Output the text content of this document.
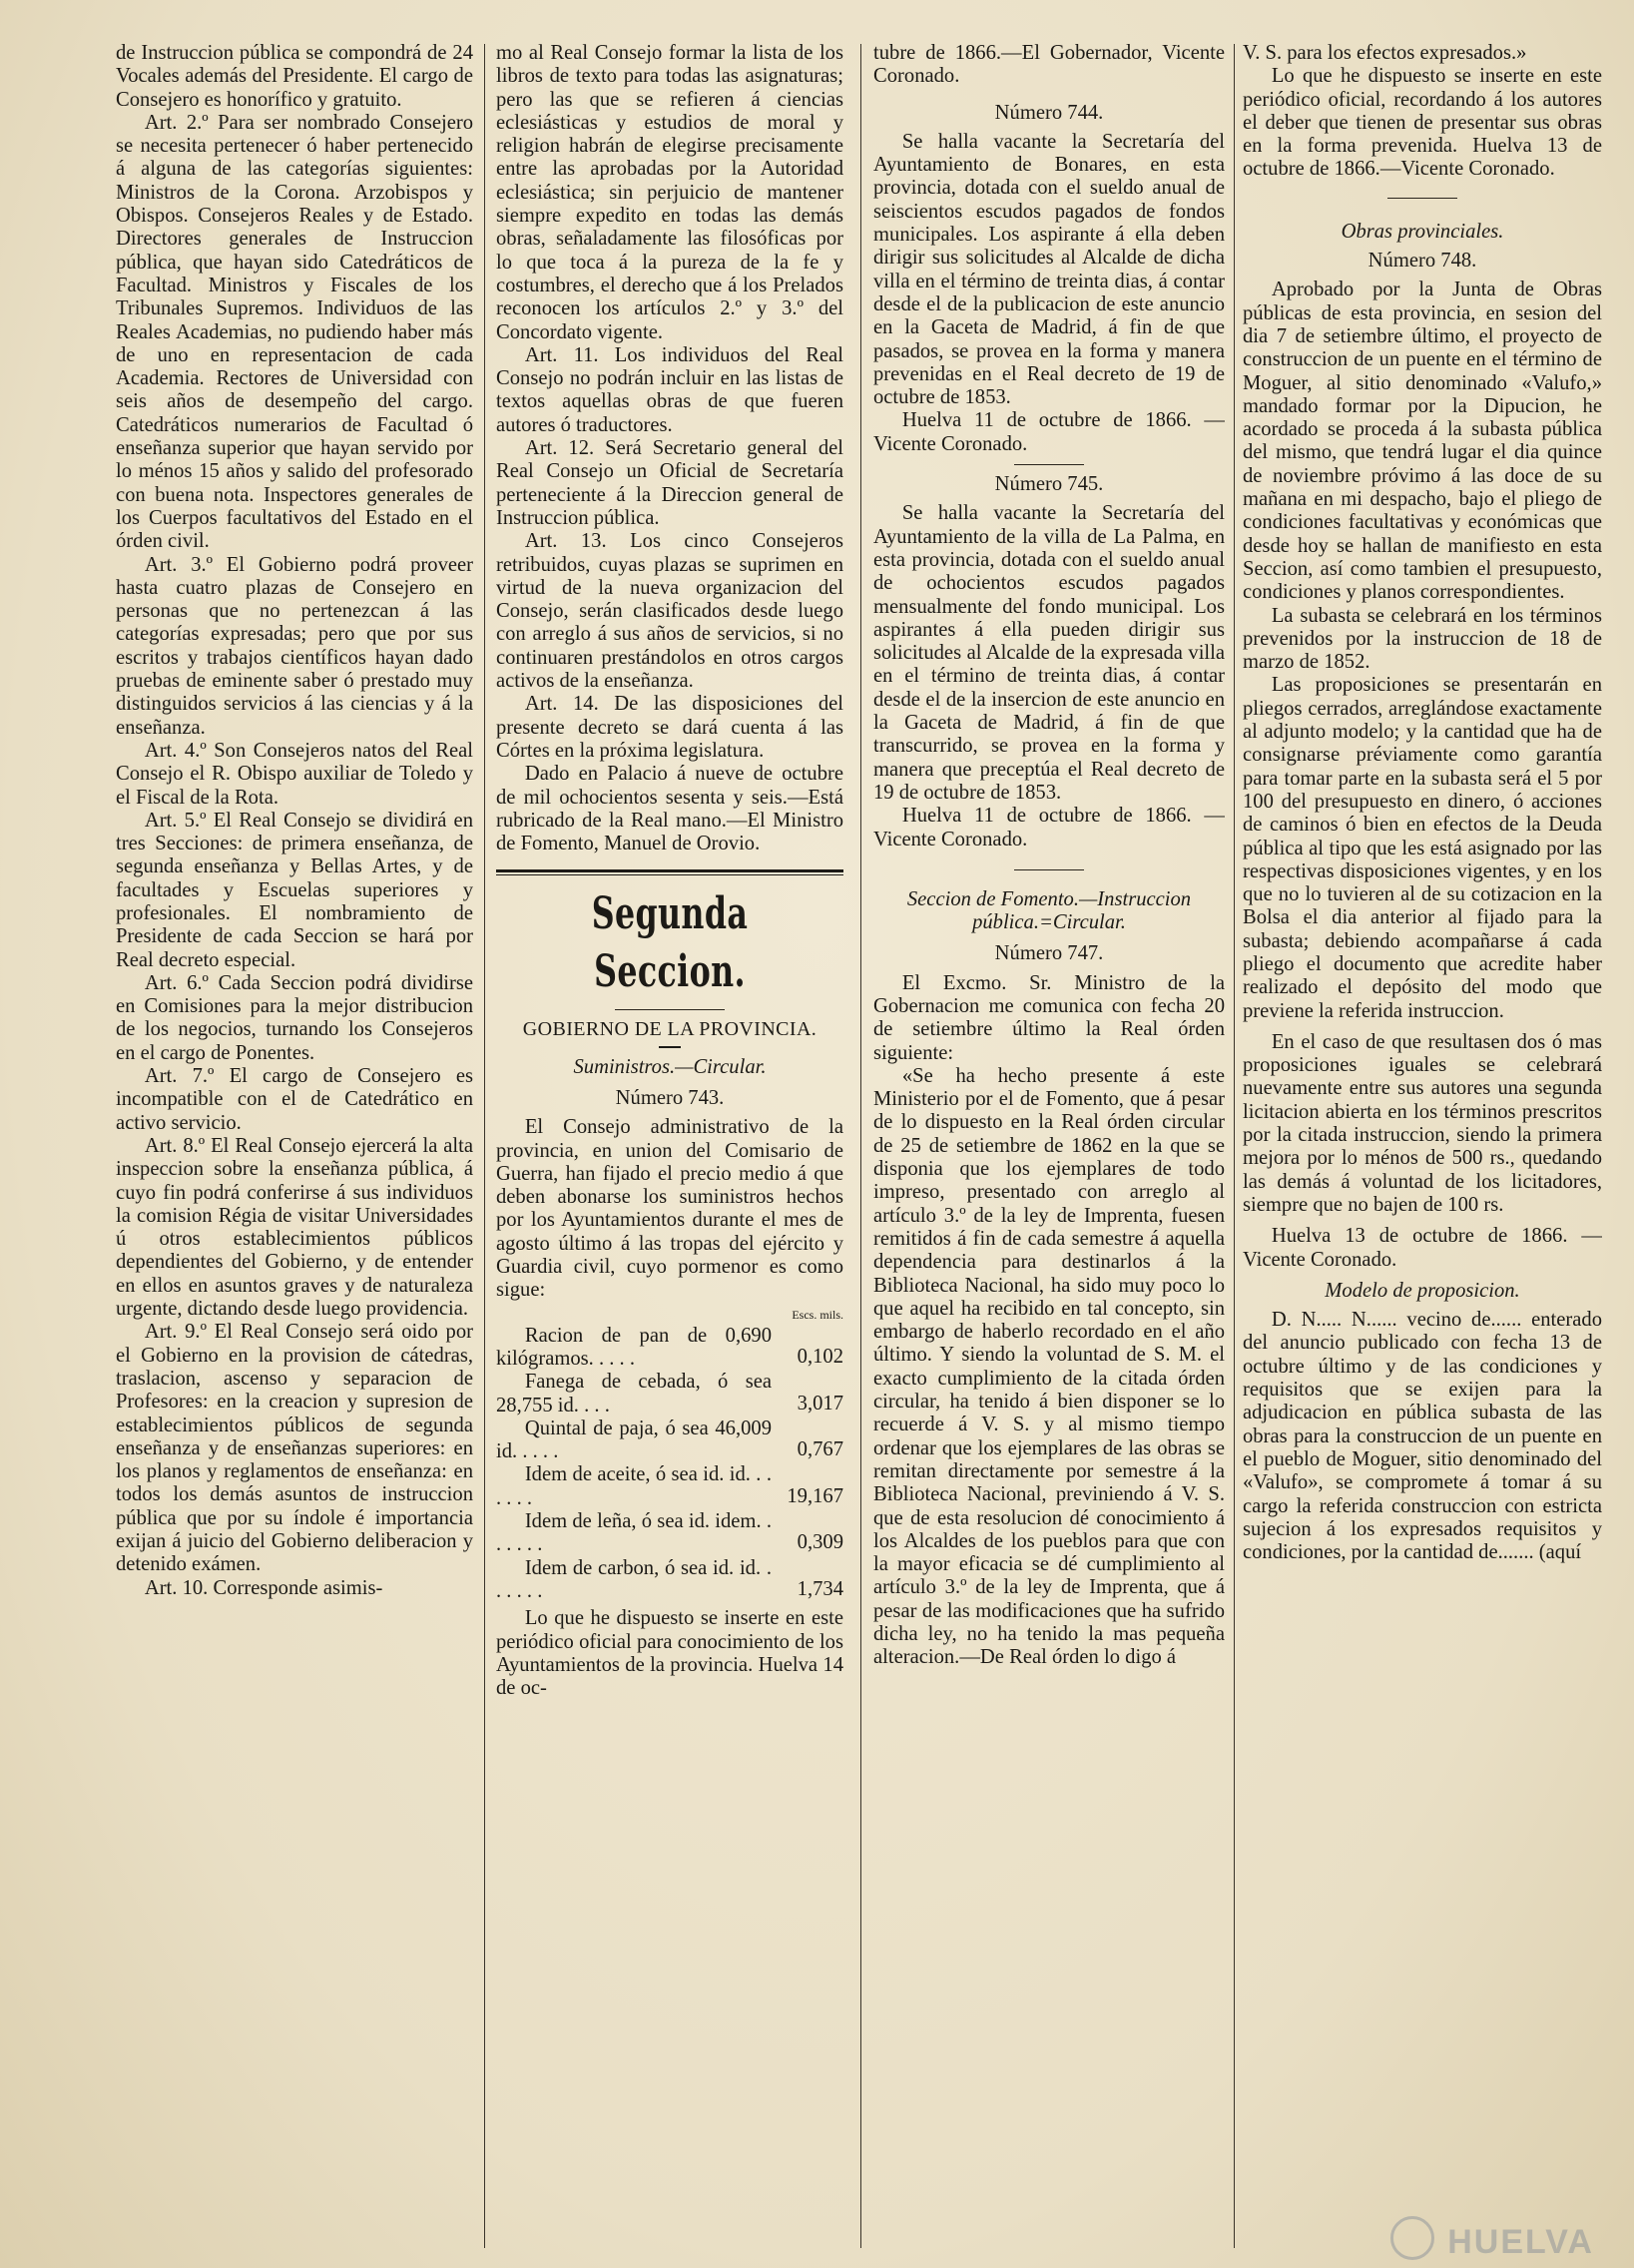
de Instruccion pública se compondrá de 24 Vocales además del Presidente. El cargo de Consejero es honorífico y gratuito.

Art. 2.º Para ser nombrado Consejero se necesita pertenecer ó haber pertenecido á alguna de las categorías siguientes: Ministros de la Corona. Arzobispos y Obispos. Consejeros Reales y de Estado. Directores generales de Instruccion pública, que hayan sido Catedráticos de Facultad. Ministros y Fiscales de los Tribunales Supremos. Individuos de las Reales Academias, no pudiendo haber más de uno en representacion de cada Academia. Rectores de Universidad con seis años de desempeño del cargo. Catedráticos numerarios de Facultad ó enseñanza superior que hayan servido por lo ménos 15 años y salido del profesorado con buena nota. Inspectores generales de los Cuerpos facultativos del Estado en el órden civil.

Art. 3.º El Gobierno podrá proveer hasta cuatro plazas de Consejero en personas que no pertenezcan á las categorías expresadas; pero que por sus escritos y trabajos científicos hayan dado pruebas de eminente saber ó prestado muy distinguidos servicios á las ciencias y á la enseñanza.

Art. 4.º Son Consejeros natos del Real Consejo el R. Obispo auxiliar de Toledo y el Fiscal de la Rota.

Art. 5.º El Real Consejo se dividirá en tres Secciones: de primera enseñanza, de segunda enseñanza y Bellas Artes, y de facultades y Escuelas superiores y profesionales. El nombramiento de Presidente de cada Seccion se hará por Real decreto especial.

Art. 6.º Cada Seccion podrá dividirse en Comisiones para la mejor distribucion de los negocios, turnando los Consejeros en el cargo de Ponentes.

Art. 7.º El cargo de Consejero es incompatible con el de Catedrático en activo servicio.

Art. 8.º El Real Consejo ejercerá la alta inspeccion sobre la enseñanza pública, á cuyo fin podrá conferirse á sus individuos la comision Régia de visitar Universidades ú otros establecimientos públicos dependientes del Gobierno, y de entender en ellos en asuntos graves y de naturaleza urgente, dictando desde luego providencia.

Art. 9.º El Real Consejo será oido por el Gobierno en la provision de cátedras, traslacion, ascenso y separacion de Profesores: en la creacion y supresion de establecimientos públicos de segunda enseñanza y de enseñanzas superiores: en los planos y reglamentos de enseñanza: en todos los demás asuntos de instruccion pública que por su índole é importancia exijan á juicio del Gobierno deliberacion y detenido exámen.

Art. 10. Corresponde asimis-

mo al Real Consejo formar la lista de los libros de texto para todas las asignaturas; pero las que se refieren á ciencias eclesiásticas y estudios de moral y religion habrán de elegirse precisamente entre las aprobadas por la Autoridad eclesiástica; sin perjuicio de mantener siempre expedito en todas las demás obras, señaladamente las filosóficas por lo que toca á la pureza de la fe y costumbres, el derecho que á los Prelados reconocen los artículos 2.º y 3.º del Concordato vigente.

Art. 11. Los individuos del Real Consejo no podrán incluir en las listas de textos aquellas obras de que fueren autores ó traductores.

Art. 12. Será Secretario general del Real Consejo un Oficial de Secretaría perteneciente á la Direccion general de Instruccion pública.

Art. 13. Los cinco Consejeros retribuidos, cuyas plazas se suprimen en virtud de la nueva organizacion del Consejo, serán clasificados desde luego con arreglo á sus años de servicios, si no continuaren prestándolos en otros cargos activos de la enseñanza.

Art. 14. De las disposiciones del presente decreto se dará cuenta á las Córtes en la próxima legislatura.

Dado en Palacio á nueve de octubre de mil ochocientos sesenta y seis.—Está rubricado de la Real mano.—El Ministro de Fomento, Manuel de Orovio.

Segunda Seccion.
GOBIERNO DE LA PROVINCIA.
Suministros.—Circular.
Número 743.

El Consejo administrativo de la provincia, en union del Comisario de Guerra, han fijado el precio medio á que deben abonarse los suministros hechos por los Ayuntamientos durante el mes de agosto último á las tropas del ejército y Guardia civil, cuyo pormenor es como sigue:

Escs. mils.
Racion de pan de 0,690 kilógramos. . . . .	0,102
Fanega de cebada, ó sea 28,755 id. . . .	3,017
Quintal de paja, ó sea 46,009 id. . . . .	0,767
Idem de aceite, ó sea id. id. . . . . . .	19,167
Idem de leña, ó sea id. idem. . . . . . .	0,309
Idem de carbon, ó sea id. id. . . . . . .	1,734

Lo que he dispuesto se inserte en este periódico oficial para conocimiento de los Ayuntamientos de la provincia. Huelva 14 de oc-

tubre de 1866.—El Gobernador, Vicente Coronado.

Número 744.

Se halla vacante la Secretaría del Ayuntamiento de Bonares, en esta provincia, dotada con el sueldo anual de seiscientos escudos pagados de fondos municipales. Los aspirante á ella deben dirigir sus solicitudes al Alcalde de dicha villa en el término de treinta dias, á contar desde el de la publicacion de este anuncio en la Gaceta de Madrid, á fin de que pasados, se provea en la forma y manera prevenidas en el Real decreto de 19 de octubre de 1853.

Huelva 11 de octubre de 1866. —Vicente Coronado.

Número 745.

Se halla vacante la Secretaría del Ayuntamiento de la villa de La Palma, en esta provincia, dotada con el sueldo anual de ochocientos escudos pagados mensualmente del fondo municipal. Los aspirantes á ella pueden dirigir sus solicitudes al Alcalde de la expresada villa en el término de treinta dias, á contar desde el de la insercion de este anuncio en la Gaceta de Madrid, á fin de que transcurrido, se provea en la forma y manera que preceptúa el Real decreto de 19 de octubre de 1853.

Huelva 11 de octubre de 1866. —Vicente Coronado.

Seccion de Fomento.—Instruccion pública.=Circular.
Número 747.

El Excmo. Sr. Ministro de la Gobernacion me comunica con fecha 20 de setiembre último la Real órden siguiente:

«Se ha hecho presente á este Ministerio por el de Fomento, que á pesar de lo dispuesto en la Real órden circular de 25 de setiembre de 1862 en la que se disponia que los ejemplares de todo impreso, presentado con arreglo al artículo 3.º de la ley de Imprenta, fuesen remitidos á fin de cada semestre á aquella dependencia para destinarlos á la Biblioteca Nacional, ha sido muy poco lo que aquel ha recibido en tal concepto, sin embargo de haberlo recordado en el año último. Y siendo la voluntad de S. M. el exacto cumplimiento de la citada órden circular, ha tenido á bien disponer se lo recuerde á V. S. y al mismo tiempo ordenar que los ejemplares de las obras se remitan directamente por semestre á la Biblioteca Nacional, previniendo á V. S. que de esta resolucion dé conocimiento á los Alcaldes de los pueblos para que con la mayor eficacia se dé cumplimiento al artículo 3.º de la ley de Imprenta, que á pesar de las modificaciones que ha sufrido dicha ley, no ha tenido la mas pequeña alteracion.—De Real órden lo digo á

V. S. para los efectos expresados.»

Lo que he dispuesto se inserte en este periódico oficial, recordando á los autores el deber que tienen de presentar sus obras en la forma prevenida. Huelva 13 de octubre de 1866.—Vicente Coronado.

Obras provinciales.
Número 748.

Aprobado por la Junta de Obras públicas de esta provincia, en sesion del dia 7 de setiembre último, el proyecto de construccion de un puente en el término de Moguer, al sitio denominado «Valufo,» mandado formar por la Dipucion, he acordado se proceda á la subasta pública del mismo, que tendrá lugar el dia quince de noviembre próvimo á las doce de su mañana en mi despacho, bajo el pliego de condiciones facultativas y económicas que desde hoy se hallan de manifiesto en esta Seccion, así como tambien el presupuesto, condiciones y planos correspondientes.

La subasta se celebrará en los términos prevenidos por la instruccion de 18 de marzo de 1852.

Las proposiciones se presentarán en pliegos cerrados, arreglándose exactamente al adjunto modelo; y la cantidad que ha de consignarse préviamente como garantía para tomar parte en la subasta será el 5 por 100 del presupuesto en dinero, ó acciones de caminos ó bien en efectos de la Deuda pública al tipo que les está asignado por las respectivas disposiciones vigentes, y en los que no lo tuvieren al de su cotizacion en la Bolsa el dia anterior al fijado para la subasta; debiendo acompañarse á cada pliego el documento que acredite haber realizado el depósito del modo que previene la referida instruccion.

En el caso de que resultasen dos ó mas proposiciones iguales se celebrará nuevamente entre sus autores una segunda licitacion abierta en los términos prescritos por la citada instruccion, siendo la primera mejora por lo ménos de 500 rs., quedando las demás á voluntad de los licitadores, siempre que no bajen de 100 rs.

Huelva 13 de octubre de 1866. —Vicente Coronado.

Modelo de proposicion.

D. N..... N...... vecino de...... enterado del anuncio publicado con fecha 13 de octubre último y de las condiciones y requisitos que se exijen para la adjudicacion en pública subasta de las obras para la construccion de un puente en el pueblo de Moguer, sitio denominado del «Valufo», se compromete á tomar á su cargo la referida construccion con estricta sujecion á los expresados requisitos y condiciones, por la cantidad de....... (aquí

HUELVA
